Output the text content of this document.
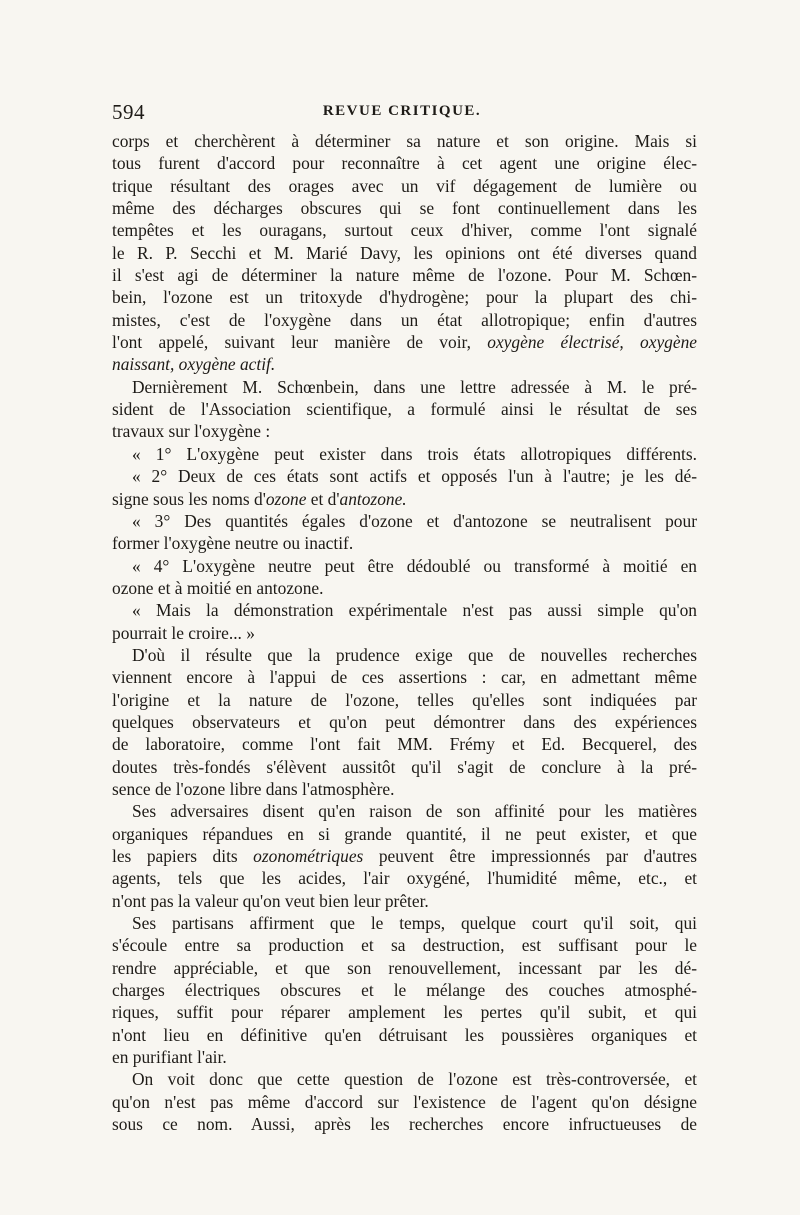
594	REVUE CRITIQUE.
corps et cherchèrent à déterminer sa nature et son origine. Mais si
tous furent d'accord pour reconnaître à cet agent une origine élec-
trique résultant des orages avec un vif dégagement de lumière ou
même des décharges obscures qui se font continuellement dans les
tempêtes et les ouragans, surtout ceux d'hiver, comme l'ont signalé
le R. P. Secchi et M. Marié Davy, les opinions ont été diverses quand
il s'est agi de déterminer la nature même de l'ozone. Pour M. Schœn-
bein, l'ozone est un tritoxyde d'hydrogène; pour la plupart des chi-
mistes, c'est de l'oxygène dans un état allotropique; enfin d'autres
l'ont appelé, suivant leur manière de voir, oxygène électrisé, oxygène
naissant, oxygène actif.
Dernièrement M. Schœnbein, dans une lettre adressée à M. le pré-
sident de l'Association scientifique, a formulé ainsi le résultat de ses
travaux sur l'oxygène :
« 1° L'oxygène peut exister dans trois états allotropiques différents.
« 2° Deux de ces états sont actifs et opposés l'un à l'autre; je les dé-
signe sous les noms d'ozone et d'antozone.
« 3° Des quantités égales d'ozone et d'antozone se neutralisent pour
former l'oxygène neutre ou inactif.
« 4° L'oxygène neutre peut être dédoublé ou transformé à moitié en
ozone et à moitié en antozone.
« Mais la démonstration expérimentale n'est pas aussi simple qu'on
pourrait le croire... »
D'où il résulte que la prudence exige que de nouvelles recherches
viennent encore à l'appui de ces assertions : car, en admettant même
l'origine et la nature de l'ozone, telles qu'elles sont indiquées par
quelques observateurs et qu'on peut démontrer dans des expériences
de laboratoire, comme l'ont fait MM. Frémy et Ed. Becquerel, des
doutes très-fondés s'élèvent aussitôt qu'il s'agit de conclure à la pré-
sence de l'ozone libre dans l'atmosphère.
Ses adversaires disent qu'en raison de son affinité pour les matières
organiques répandues en si grande quantité, il ne peut exister, et que
les papiers dits ozonométriques peuvent être impressionnés par d'autres
agents, tels que les acides, l'air oxygéné, l'humidité même, etc., et
n'ont pas la valeur qu'on veut bien leur prêter.
Ses partisans affirment que le temps, quelque court qu'il soit, qui
s'écoule entre sa production et sa destruction, est suffisant pour le
rendre appréciable, et que son renouvellement, incessant par les dé-
charges électriques obscures et le mélange des couches atmosphé-
riques, suffit pour réparer amplement les pertes qu'il subit, et qui
n'ont lieu en définitive qu'en détruisant les poussières organiques et
en purifiant l'air.
On voit donc que cette question de l'ozone est très-controversée, et
qu'on n'est pas même d'accord sur l'existence de l'agent qu'on désigne
sous ce nom. Aussi, après les recherches encore infructueuses de
